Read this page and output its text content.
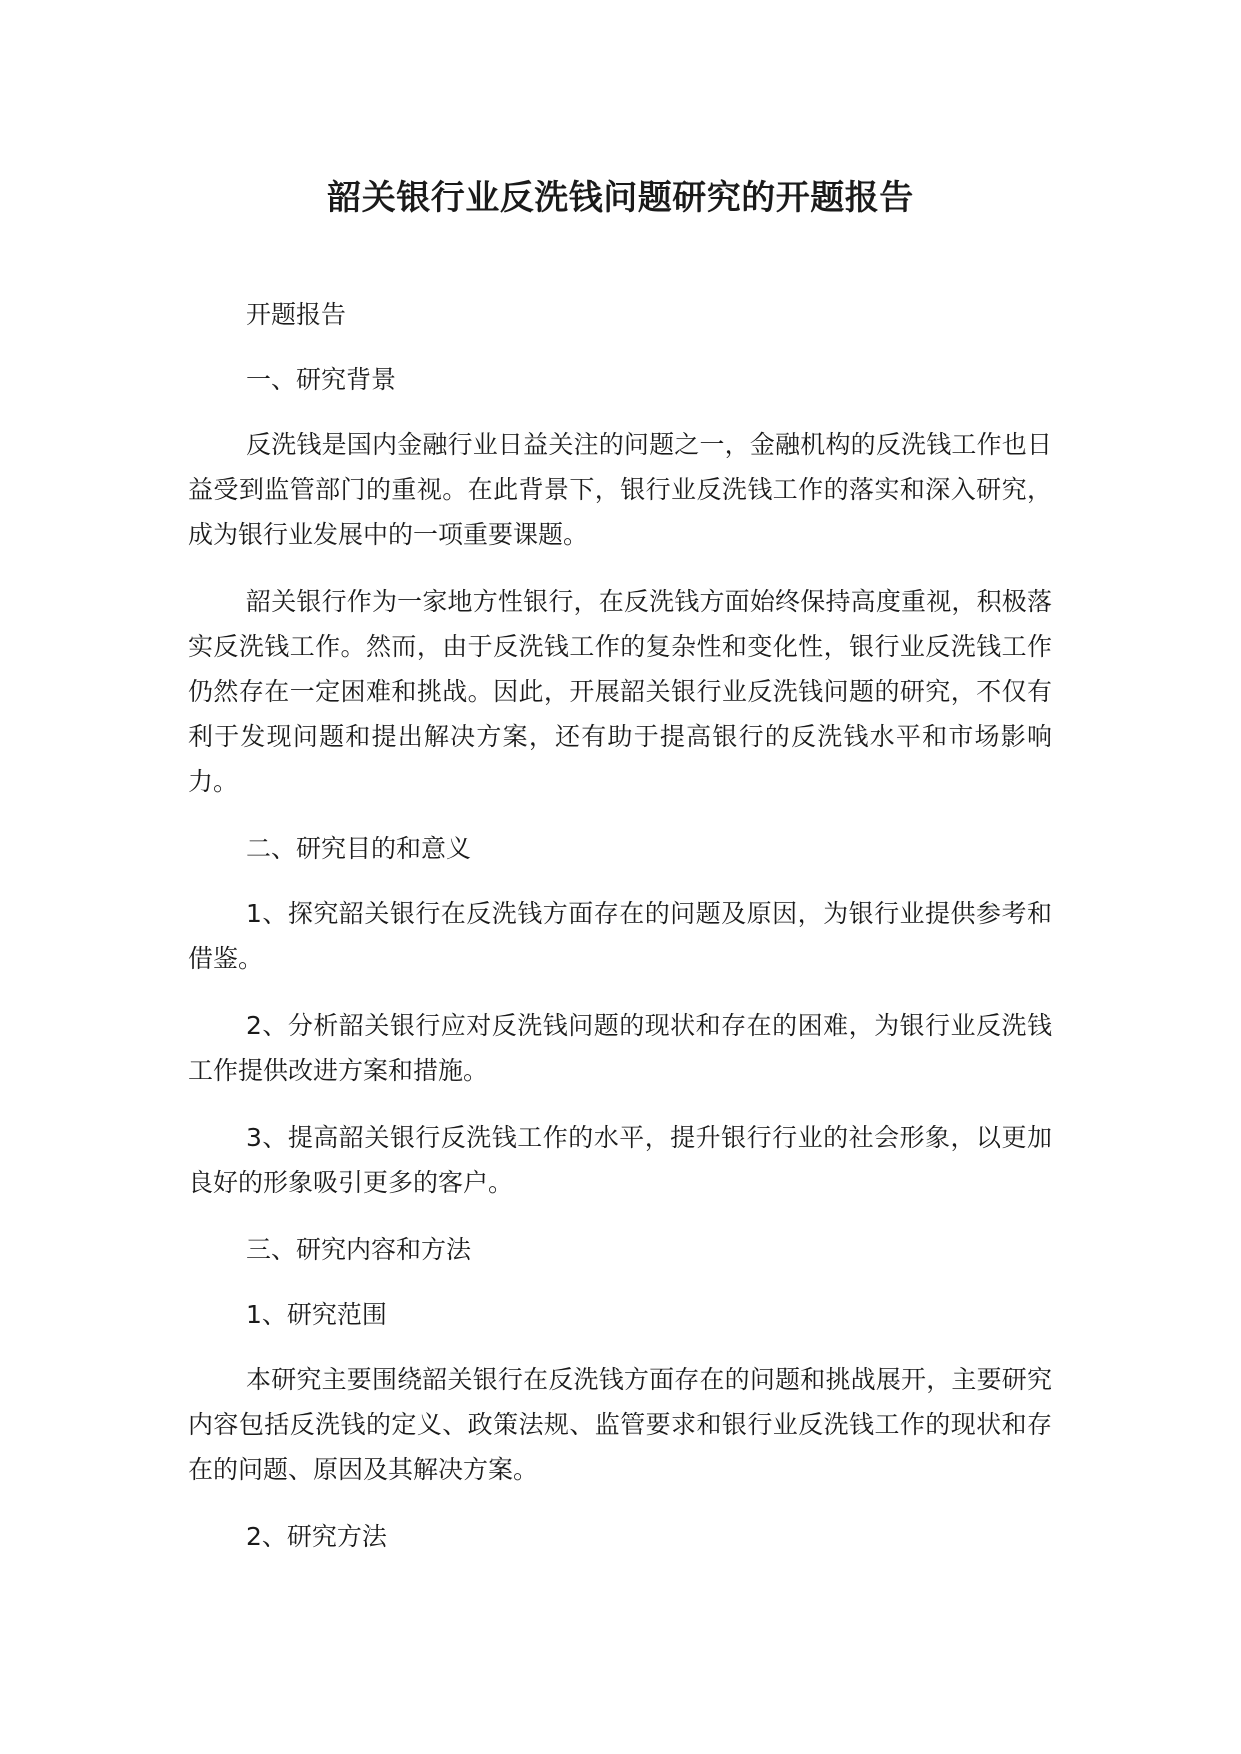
韶关银行业反洗钱问题研究的开题报告

开题报告

一、研究背景

反洗钱是国内金融行业日益关注的问题之一，金融机构的反洗钱工作也日益受到监管部门的重视。在此背景下，银行业反洗钱工作的落实和深入研究，成为银行业发展中的一项重要课题。

韶关银行作为一家地方性银行，在反洗钱方面始终保持高度重视，积极落实反洗钱工作。然而，由于反洗钱工作的复杂性和变化性，银行业反洗钱工作仍然存在一定困难和挑战。因此，开展韶关银行业反洗钱问题的研究，不仅有利于发现问题和提出解决方案，还有助于提高银行的反洗钱水平和市场影响力。

二、研究目的和意义

1、探究韶关银行在反洗钱方面存在的问题及原因，为银行业提供参考和借鉴。

2、分析韶关银行应对反洗钱问题的现状和存在的困难，为银行业反洗钱工作提供改进方案和措施。

3、提高韶关银行反洗钱工作的水平，提升银行行业的社会形象，以更加良好的形象吸引更多的客户。

三、研究内容和方法

1、研究范围

本研究主要围绕韶关银行在反洗钱方面存在的问题和挑战展开，主要研究内容包括反洗钱的定义、政策法规、监管要求和银行业反洗钱工作的现状和存在的问题、原因及其解决方案。

2、研究方法
